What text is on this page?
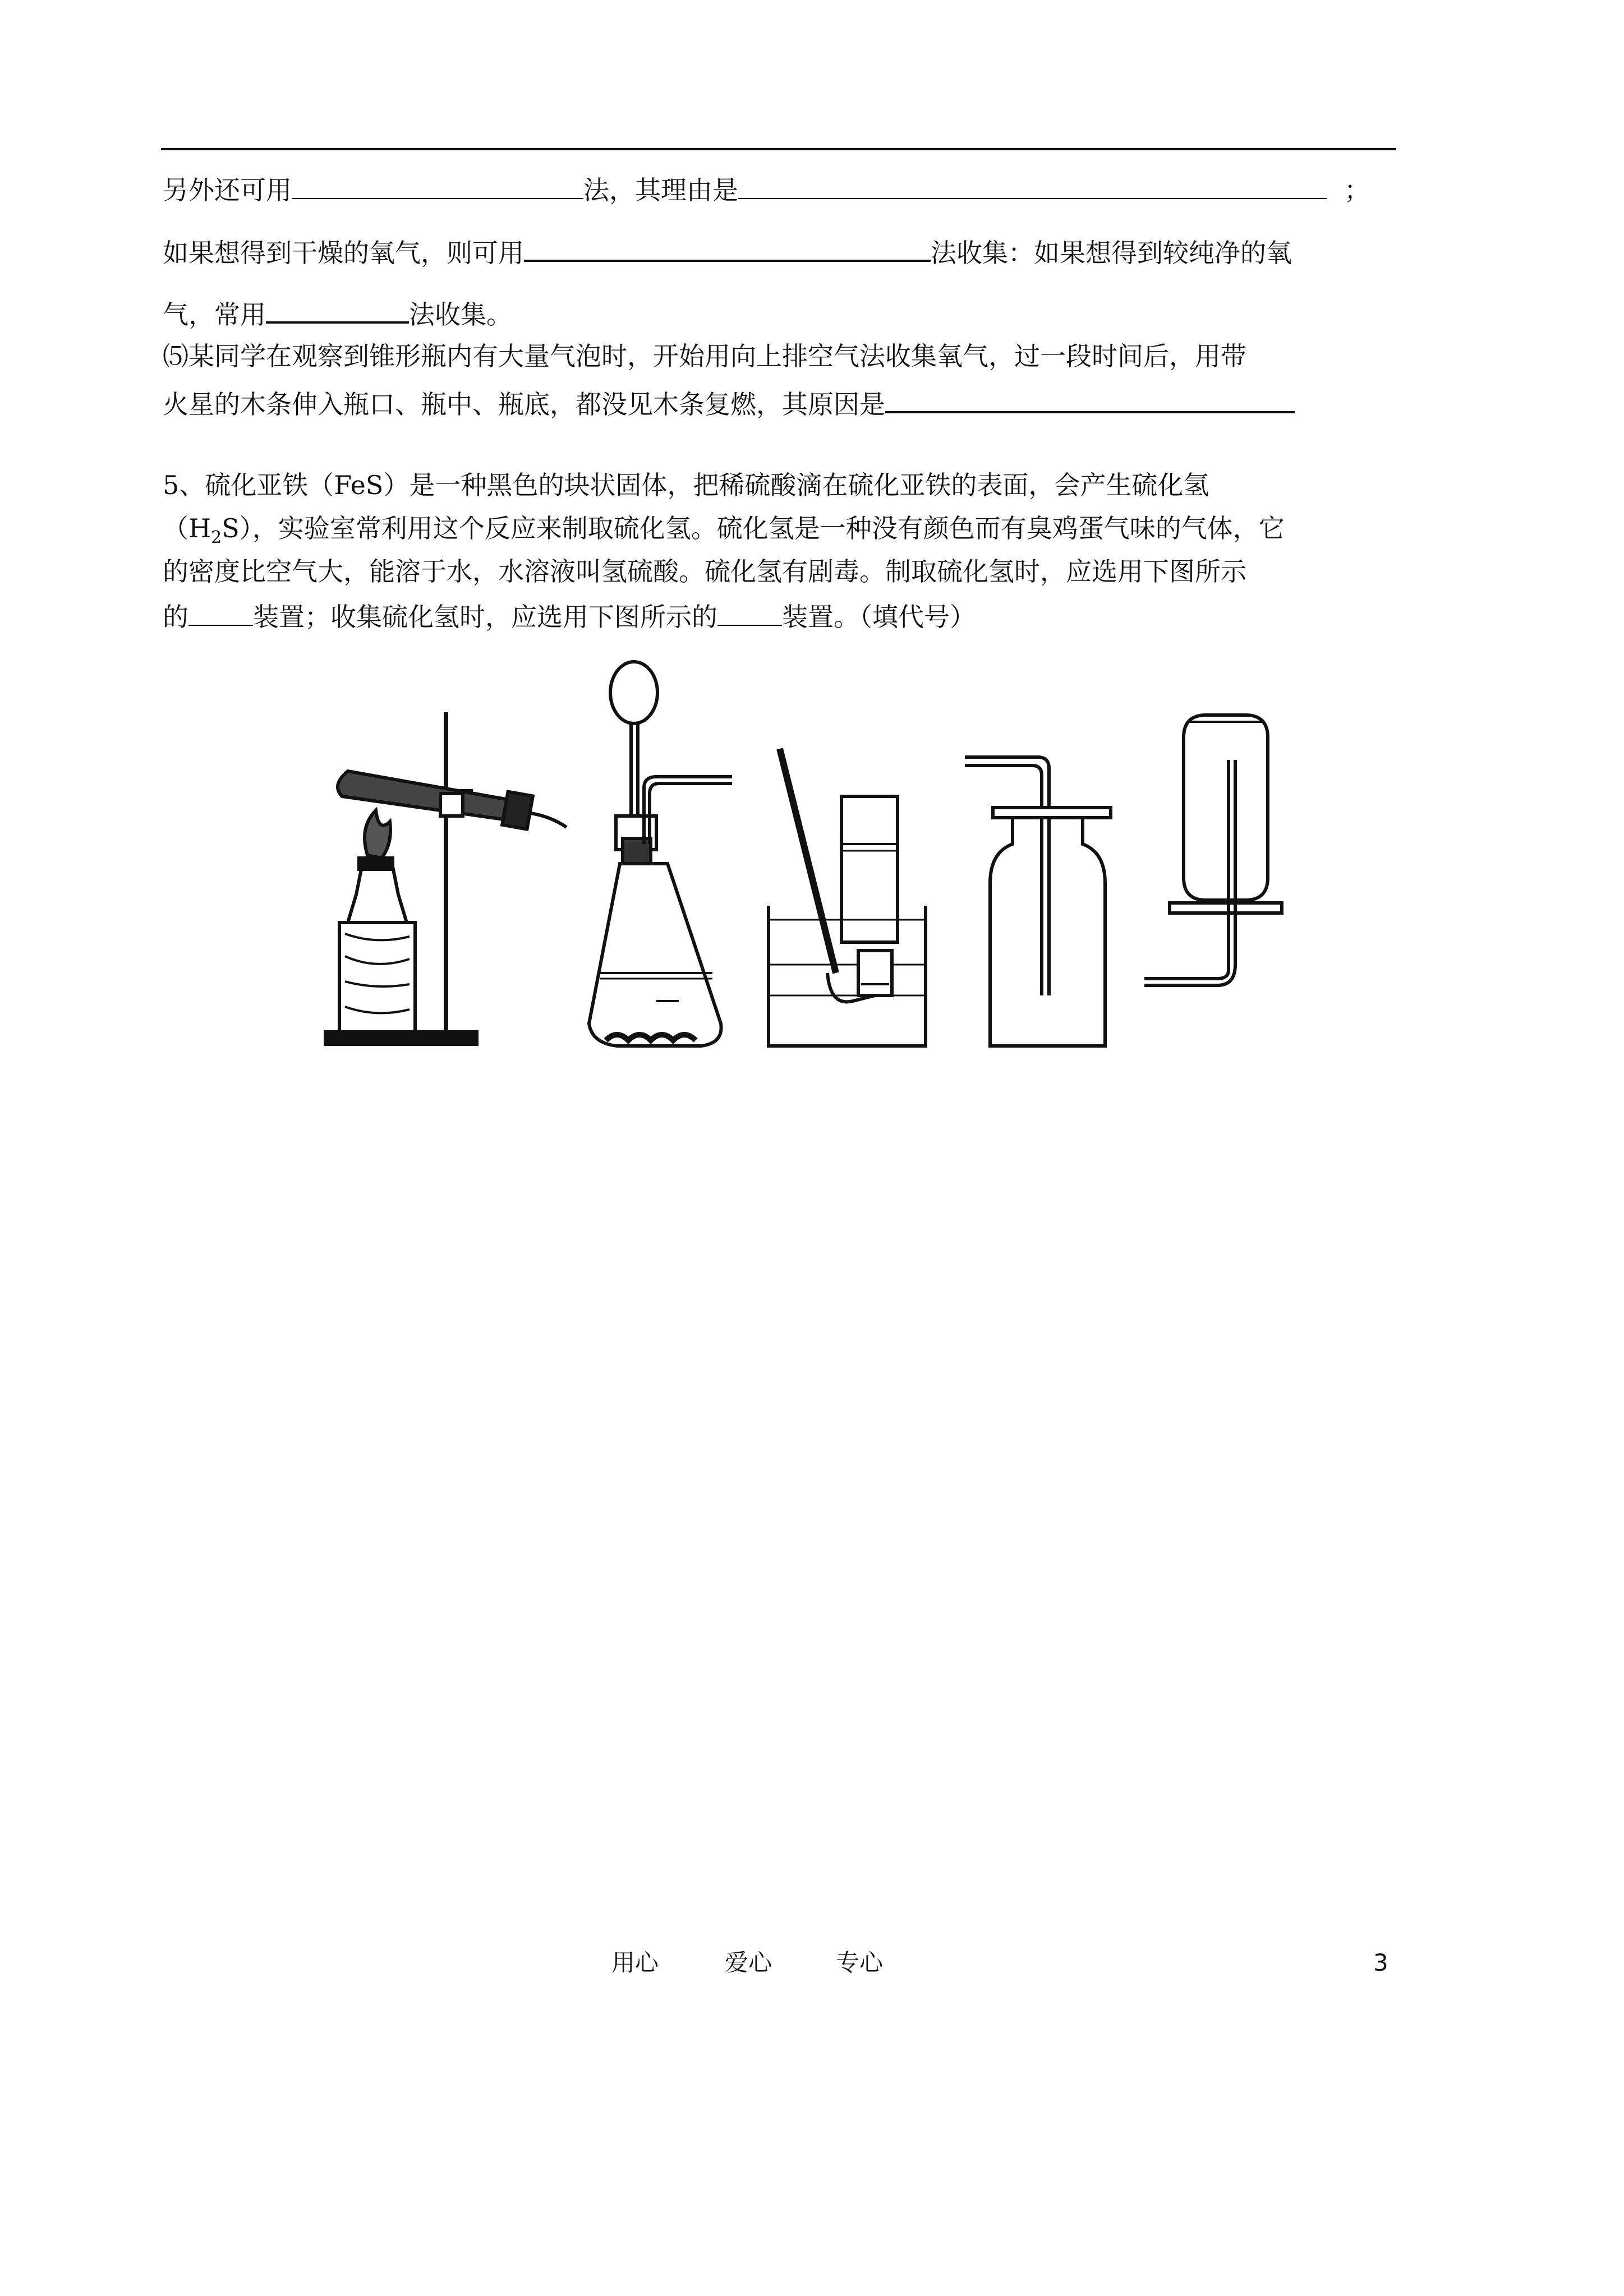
另外还可用	法，其理由是	；
如果想得到干燥的氧气，则可用	法收集：如果想得到较纯净的氧
气，常用	法收集。
⑸某同学在观察到锥形瓶内有大量气泡时，开始用向上排空气法收集氧气，过一段时间后，用带
火星的木条伸入瓶口、瓶中、瓶底，都没见木条复燃，其原因是
5、硫化亚铁（FeS）是一种黑色的块状固体，把稀硫酸滴在硫化亚铁的表面，会产生硫化氢
$(H_2S)$，实验室常利用这个反应来制取硫化氢。硫化氢是一种没有颜色而有臭鸡蛋气味的气体，它
的密度比空气大，能溶于水，水溶液叫氢硫酸。硫化氢有剧毒。制取硫化氢时，应选用下图所示
的	装置；收集硫化氢时，应选用下图所示的	装置。（填代号）
用心	爱心	专心	3
